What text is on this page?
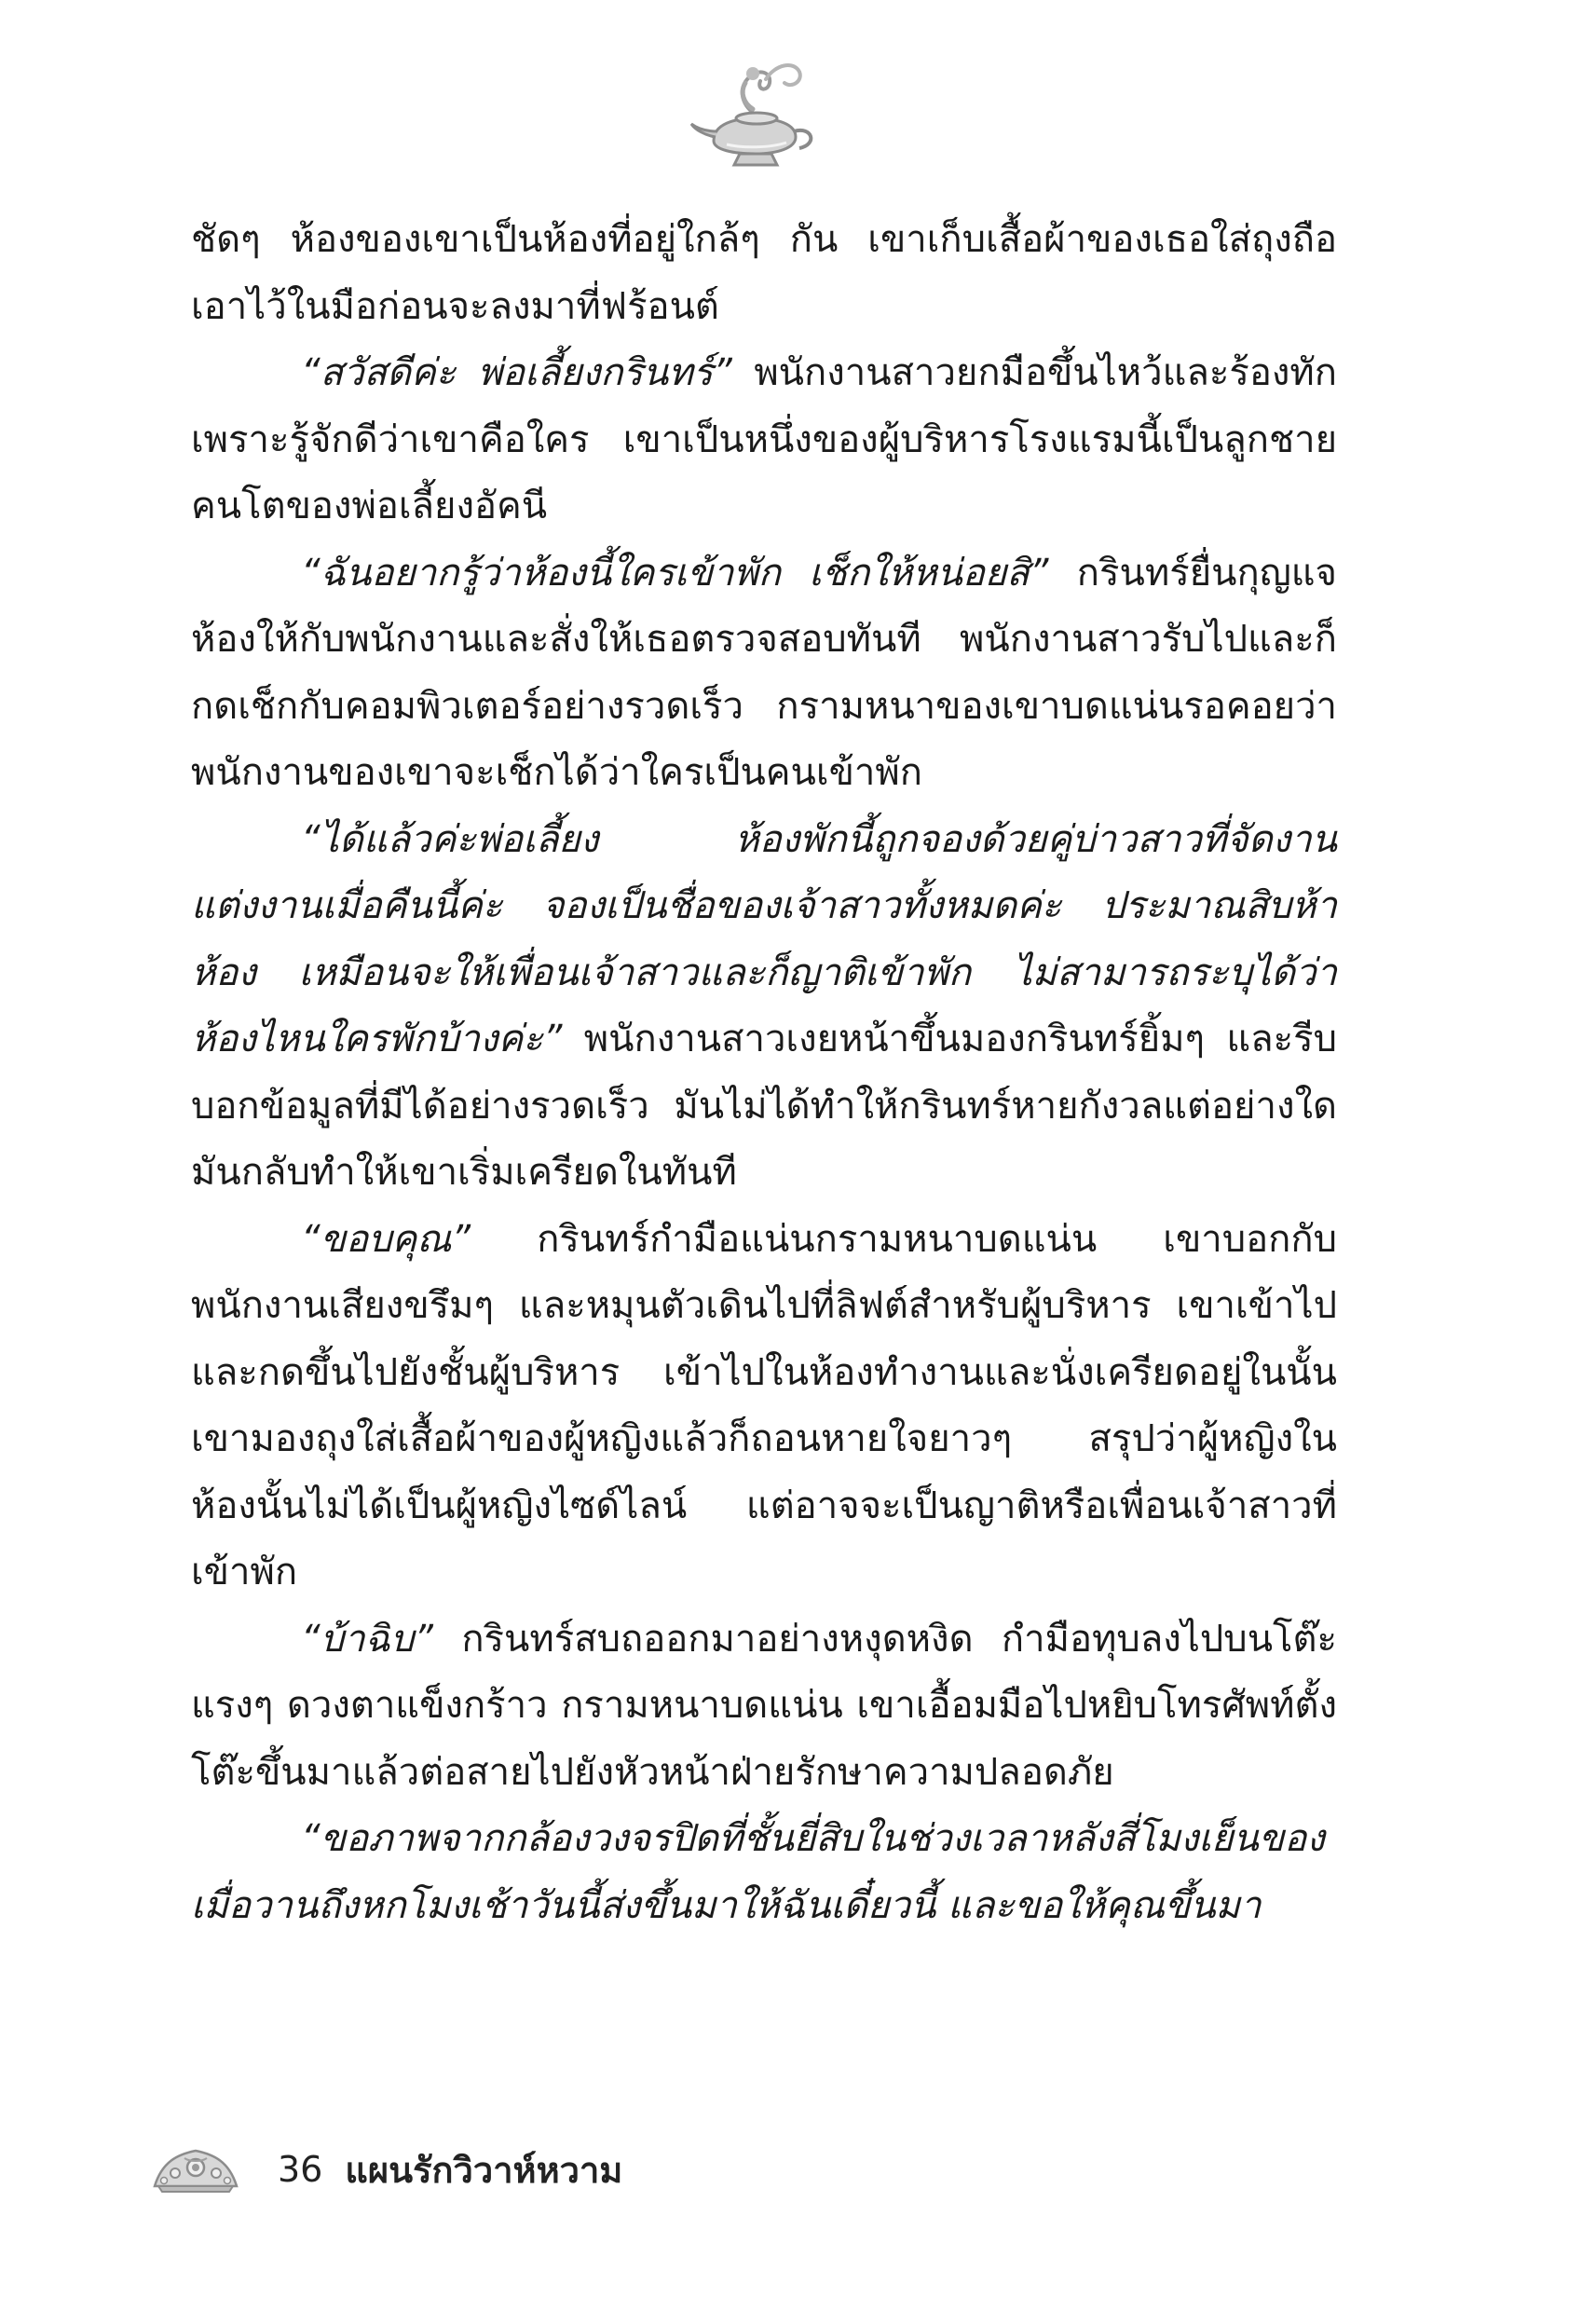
ชัดๆ ห้องของเขาเป็นห้องที่อยู่ใกล้ๆ กัน เขาเก็บเสื้อผ้าของเธอใส่ถุงถือเอาไว้ในมือก่อนจะลงมาที่ฟร้อนต์

“สวัสดีค่ะ พ่อเลี้ยงกรินทร์” พนักงานสาวยกมือขึ้นไหว้และร้องทัก เพราะรู้จักดีว่าเขาคือใคร เขาเป็นหนึ่งของผู้บริหารโรงแรมนี้เป็นลูกชายคนโตของพ่อเลี้ยงอัคนี

“ฉันอยากรู้ว่าห้องนี้ใครเข้าพัก เช็กให้หน่อยสิ” กรินทร์ยื่นกุญแจห้องให้กับพนักงานและสั่งให้เธอตรวจสอบทันที พนักงานสาวรับไปและก็กดเช็กกับคอมพิวเตอร์อย่างรวดเร็ว กรามหนาของเขาบดแน่นรอคอยว่าพนักงานของเขาจะเช็กได้ว่าใครเป็นคนเข้าพัก

“ได้แล้วค่ะพ่อเลี้ยง ห้องพักนี้ถูกจองด้วยคู่บ่าวสาวที่จัดงานแต่งงานเมื่อคืนนี้ค่ะ จองเป็นชื่อของเจ้าสาวทั้งหมดค่ะ ประมาณสิบห้าห้อง เหมือนจะให้เพื่อนเจ้าสาวและก็ญาติเข้าพัก ไม่สามารถระบุได้ว่าห้องไหนใครพักบ้างค่ะ” พนักงานสาวเงยหน้าขึ้นมองกรินทร์ยิ้มๆ และรีบบอกข้อมูลที่มีได้อย่างรวดเร็ว มันไม่ได้ทำให้กรินทร์หายกังวลแต่อย่างใด มันกลับทำให้เขาเริ่มเครียดในทันที

“ขอบคุณ” กรินทร์กำมือแน่นกรามหนาบดแน่น เขาบอกกับพนักงานเสียงขรึมๆ และหมุนตัวเดินไปที่ลิฟต์สำหรับผู้บริหาร เขาเข้าไปและกดขึ้นไปยังชั้นผู้บริหาร เข้าไปในห้องทำงานและนั่งเครียดอยู่ในนั้น เขามองถุงใส่เสื้อผ้าของผู้หญิงแล้วก็ถอนหายใจยาวๆ สรุปว่าผู้หญิงในห้องนั้นไม่ได้เป็นผู้หญิงไซด์ไลน์ แต่อาจจะเป็นญาติหรือเพื่อนเจ้าสาวที่เข้าพัก

“บ้าฉิบ” กรินทร์สบถออกมาอย่างหงุดหงิด กำมือทุบลงไปบนโต๊ะแรงๆ ดวงตาแข็งกร้าว กรามหนาบดแน่น เขาเอื้อมมือไปหยิบโทรศัพท์ตั้งโต๊ะขึ้นมาแล้วต่อสายไปยังหัวหน้าฝ่ายรักษาความปลอดภัย

“ขอภาพจากกล้องวงจรปิดที่ชั้นยี่สิบในช่วงเวลาหลังสี่โมงเย็นของเมื่อวานถึงหกโมงเช้าวันนี้ส่งขึ้นมาให้ฉันเดี๋ยวนี้ และขอให้คุณขึ้นมา

36 แผนรักวิวาห์หวาม
